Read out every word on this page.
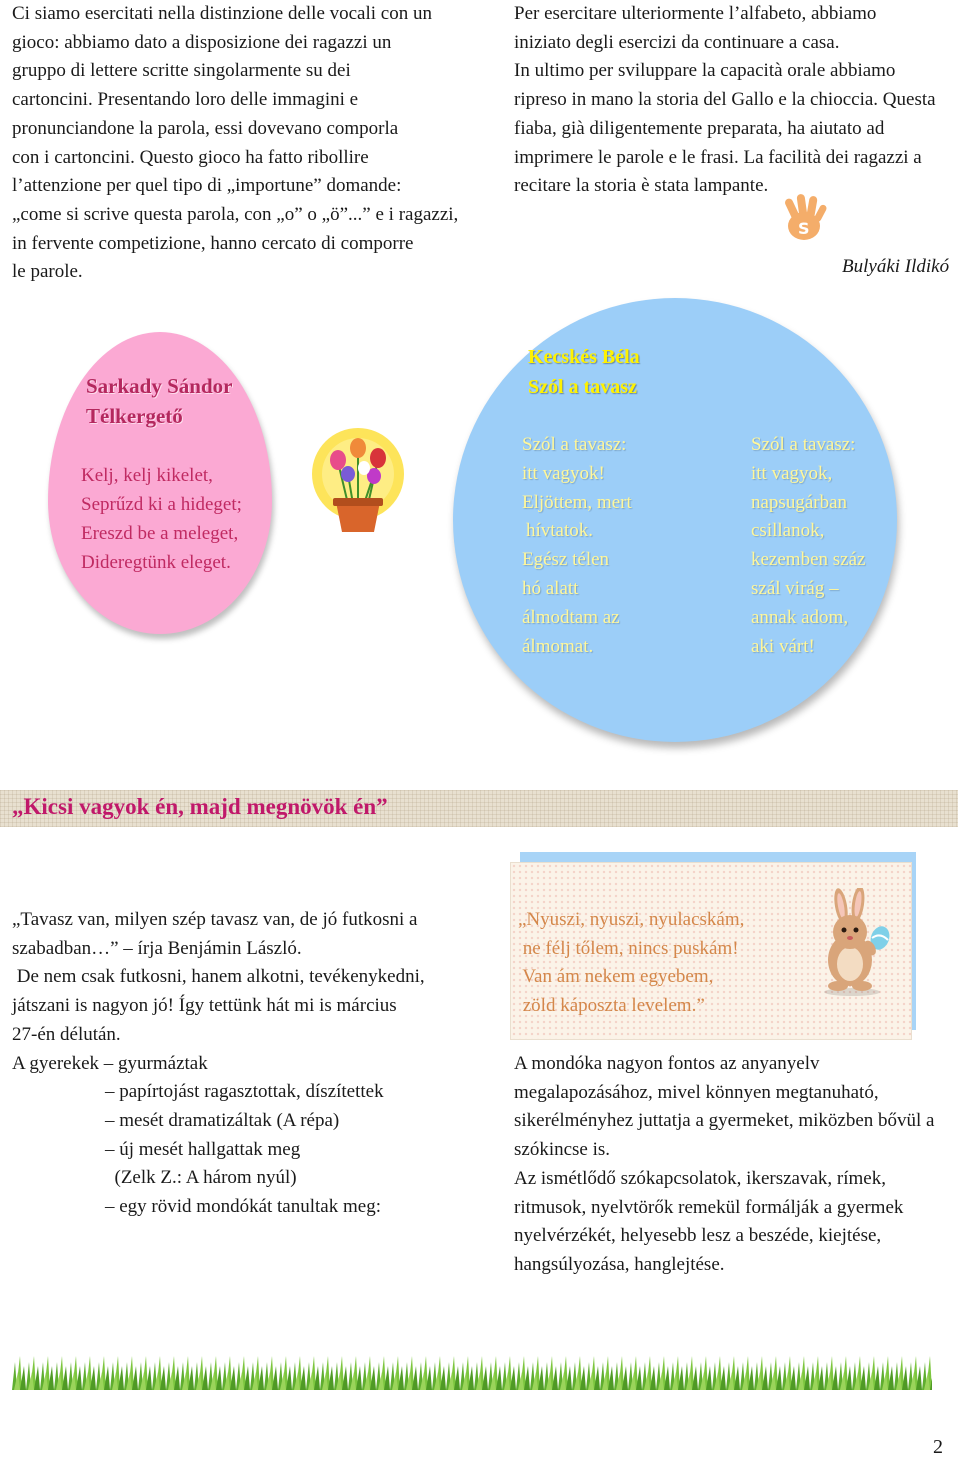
Ci siamo esercitati nella distinzione delle vocali con un
gioco: abbiamo dato a disposizione dei ragazzi un
gruppo di lettere scritte singolarmente su dei
cartoncini. Presentando loro delle immagini e
pronunciandone la parola, essi dovevano comporla
con i cartoncini. Questo gioco ha fatto ribollire
l’attenzione per quel tipo di „importune” domande:
„come si scrive questa parola, con „o” o „ö”...” e i ragazzi,
in fervente competizione, hanno cercato di comporre
le parole.
Per esercitare ulteriormente l’alfabeto, abbiamo
iniziato degli esercizi da continuare a casa.
In ultimo per sviluppare la capacità orale abbiamo
ripreso in mano la storia del Gallo e la chioccia. Questa
fiaba, già diligentemente preparata, ha aiutato ad
imprimere le parole e le frasi. La facilità dei ragazzi a
recitare la storia è stata lampante.
S
Bulyáki Ildikó
Sarkady Sándor
Télkergető
Kelj, kelj kikelet,
Seprűzd ki a hideget;
Ereszd be a meleget,
Dideregtünk eleget.
Kecskés Béla
Szól a tavasz
Szól a tavasz:
itt vagyok!
Eljöttem, mert
hívtatok.
Egész télen
hó alatt
álmodtam az
álmomat.
Szól a tavasz:
itt vagyok,
napsugárban
csillanok,
kezemben száz
szál virág –
annak adom,
aki várt!
„Kicsi vagyok én, majd megnövök én”
„Tavasz van, milyen szép tavasz van, de jó futkosni a
szabadban…” – írja Benjámin László.
De nem csak futkosni, hanem alkotni, tevékenykedni,
játszani is nagyon jó! Így tettünk hát mi is március
27-én délután.
A gyerekek – gyurmáztak
– papírtojást ragasztottak, díszítettek
– mesét dramatizáltak (A répa)
– új mesét hallgattak meg
(Zelk Z.: A három nyúl)
– egy rövid mondókát tanultak meg:
„Nyuszi, nyuszi, nyulacskám,
ne félj tőlem, nincs puskám!
Van ám nekem egyebem,
zöld káposzta levelem.”
A mondóka nagyon fontos az anyanyelv
megalapozásához, mivel könnyen megtanuható,
sikerélményhez juttatja a gyermeket, miközben bővül a
szókincse is.
Az ismétlődő szókapcsolatok, ikerszavak, rímek,
ritmusok, nyelvtörők remekül formálják a gyermek
nyelvérzékét, helyesebb lesz a beszéde, kiejtése,
hangsúlyozása, hanglejtése.
2
